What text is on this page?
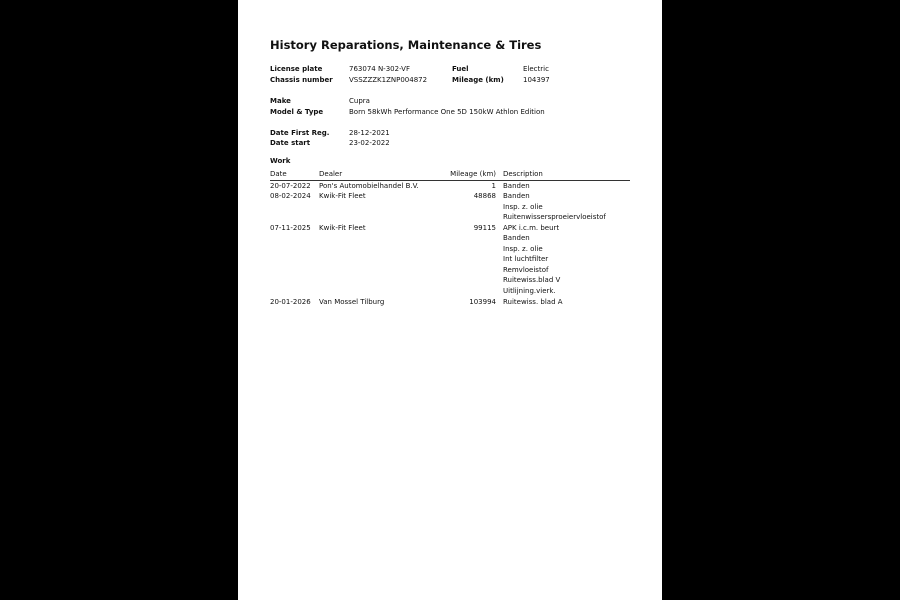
History Reparations, Maintenance & Tires
License plate	763074 N-302-VF	Fuel	Electric
Chassis number VSSZZZK1ZNP004872	Mileage (km)	104397
Make	Cupra
Model & Type	Born 58kWh Performance One 5D 150kW Athlon Edition
Date First Reg.	28-12-2021
Date start	23-02-2022
Work
Date	Dealer	Mileage (km) Description
20-07-2022 Pon's Automobielhandel B.V.	1 Banden
08-02-2024 Kwik-Fit Fleet	48868 Banden
Insp. z. olie
Ruitenwissersproeiervloeistof
07-11-2025 Kwik-Fit Fleet	99115 APK i.c.m. beurt
Banden
Insp. z. olie
Int luchtfilter
Remvloeistof
Ruitewiss.blad V
Uitlijning.vierk.
20-01-2026 Van Mossel Tilburg	103994 Ruitewiss. blad A
